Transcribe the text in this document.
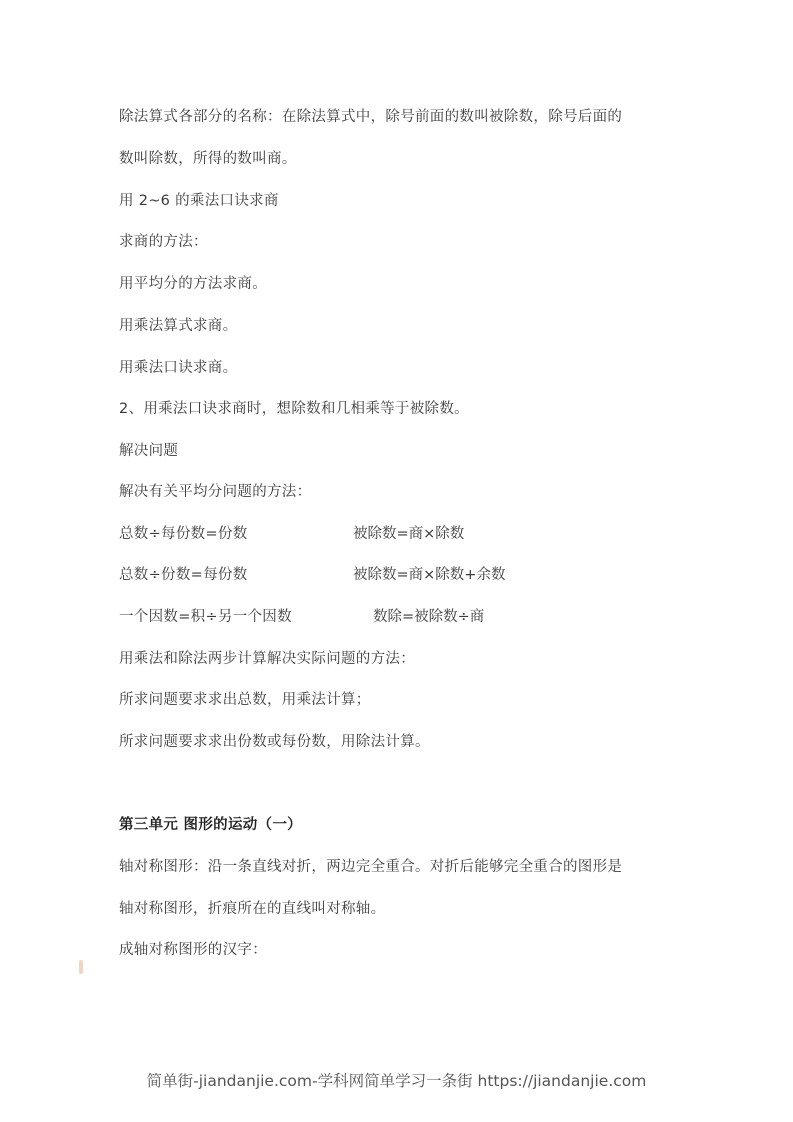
除法算式各部分的名称：在除法算式中，除号前面的数叫被除数，除号后面的
数叫除数，所得的数叫商。
用 2~6 的乘法口诀求商
求商的方法：
用平均分的方法求商。
用乘法算式求商。
用乘法口诀求商。
2、用乘法口诀求商时，想除数和几相乘等于被除数。
解决问题
解决有关平均分问题的方法：
总数÷每份数=份数	被除数=商×除数
总数÷份数=每份数	被除数=商×除数+余数
一个因数=积÷另一个因数	数除=被除数÷商
用乘法和除法两步计算解决实际问题的方法：
所求问题要求求出总数，用乘法计算；
所求问题要求求出份数或每份数，用除法计算。
第三单元 图形的运动（一）
轴对称图形：沿一条直线对折，两边完全重合。对折后能够完全重合的图形是
轴对称图形，折痕所在的直线叫对称轴。
成轴对称图形的汉字：
简单街-jiandanjie.com-学科网简单学习一条街 https://jiandanjie.com
